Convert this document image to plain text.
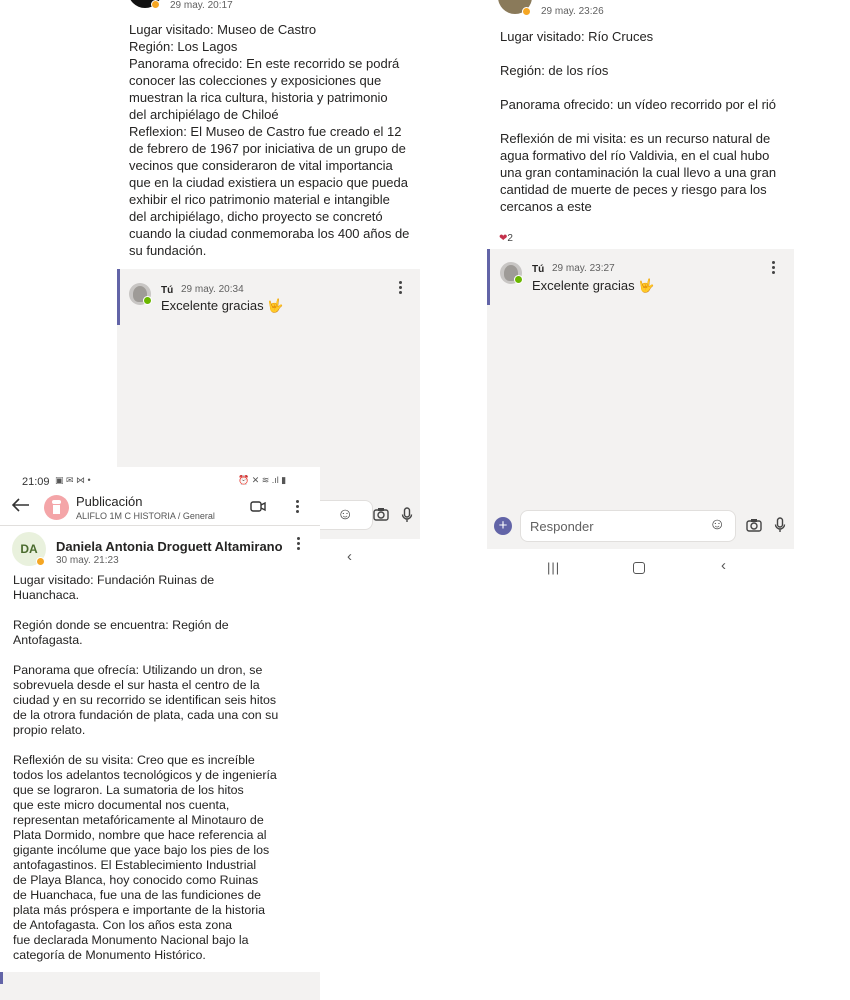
29 may. 20:17
Lugar visitado: Museo de Castro
Región: Los Lagos
Panorama ofrecido: En este recorrido se podrá
conocer las colecciones y exposiciones que
muestran la rica cultura, historia y patrimonio
del archipiélago de Chiloé
Reflexion: El Museo de Castro fue creado el 12
de febrero de 1967 por iniciativa de un grupo de
vecinos que consideraron de vital importancia
que en la ciudad existiera un espacio que pueda
exhibir el rico patrimonio material e intangible
del archipiélago, dicho proyecto se concretó
cuando la ciudad conmemoraba los 400 años de
su fundación.
Tú 29 may. 20:34
Excelente gracias 🤟
☺
‹
29 may. 23:26
Lugar visitado: Río Cruces

Región: de los ríos

Panorama ofrecido: un vídeo recorrido por el rió

Reflexión de mi visita: es un recurso natural de
agua formativo del río Valdivia, en el cual hubo
una gran contaminación la cual llevo a una gran
cantidad de muerte de peces y riesgo para los
cercanos a este
❤2
Tú 29 may. 23:27
Excelente gracias 🤟
+	Responder	☺
|||	‹
21:09 ▣ ✉ ⋈ •	⏰ ✕ ≋ .ıl ▮
Publicación
ALIFLO 1M C HISTORIA / General
DA	Daniela Antonia Droguett Altamirano
30 may. 21:23
Lugar visitado: Fundación Ruinas de
Huanchaca.

Región donde se encuentra: Región de
Antofagasta.

Panorama que ofrecía: Utilizando un dron, se
sobrevuela desde el sur hasta el centro de la
ciudad y en su recorrido se identifican seis hitos
de la otrora fundación de plata, cada una con su
propio relato.

Reflexión de su visita: Creo que es increíble
todos los adelantos tecnológicos y de ingeniería
que se lograron. La sumatoria de los hitos
que este micro documental nos cuenta,
representan metafóricamente al Minotauro de
Plata Dormido, nombre que hace referencia al
gigante incólume que yace bajo los pies de los
antofagastinos. El Establecimiento Industrial
de Playa Blanca, hoy conocido como Ruinas
de Huanchaca, fue una de las fundiciones de
plata más próspera e importante de la historia
de Antofagasta. Con los años esta zona
fue declarada Monumento Nacional bajo la
categoría de Monumento Histórico.
